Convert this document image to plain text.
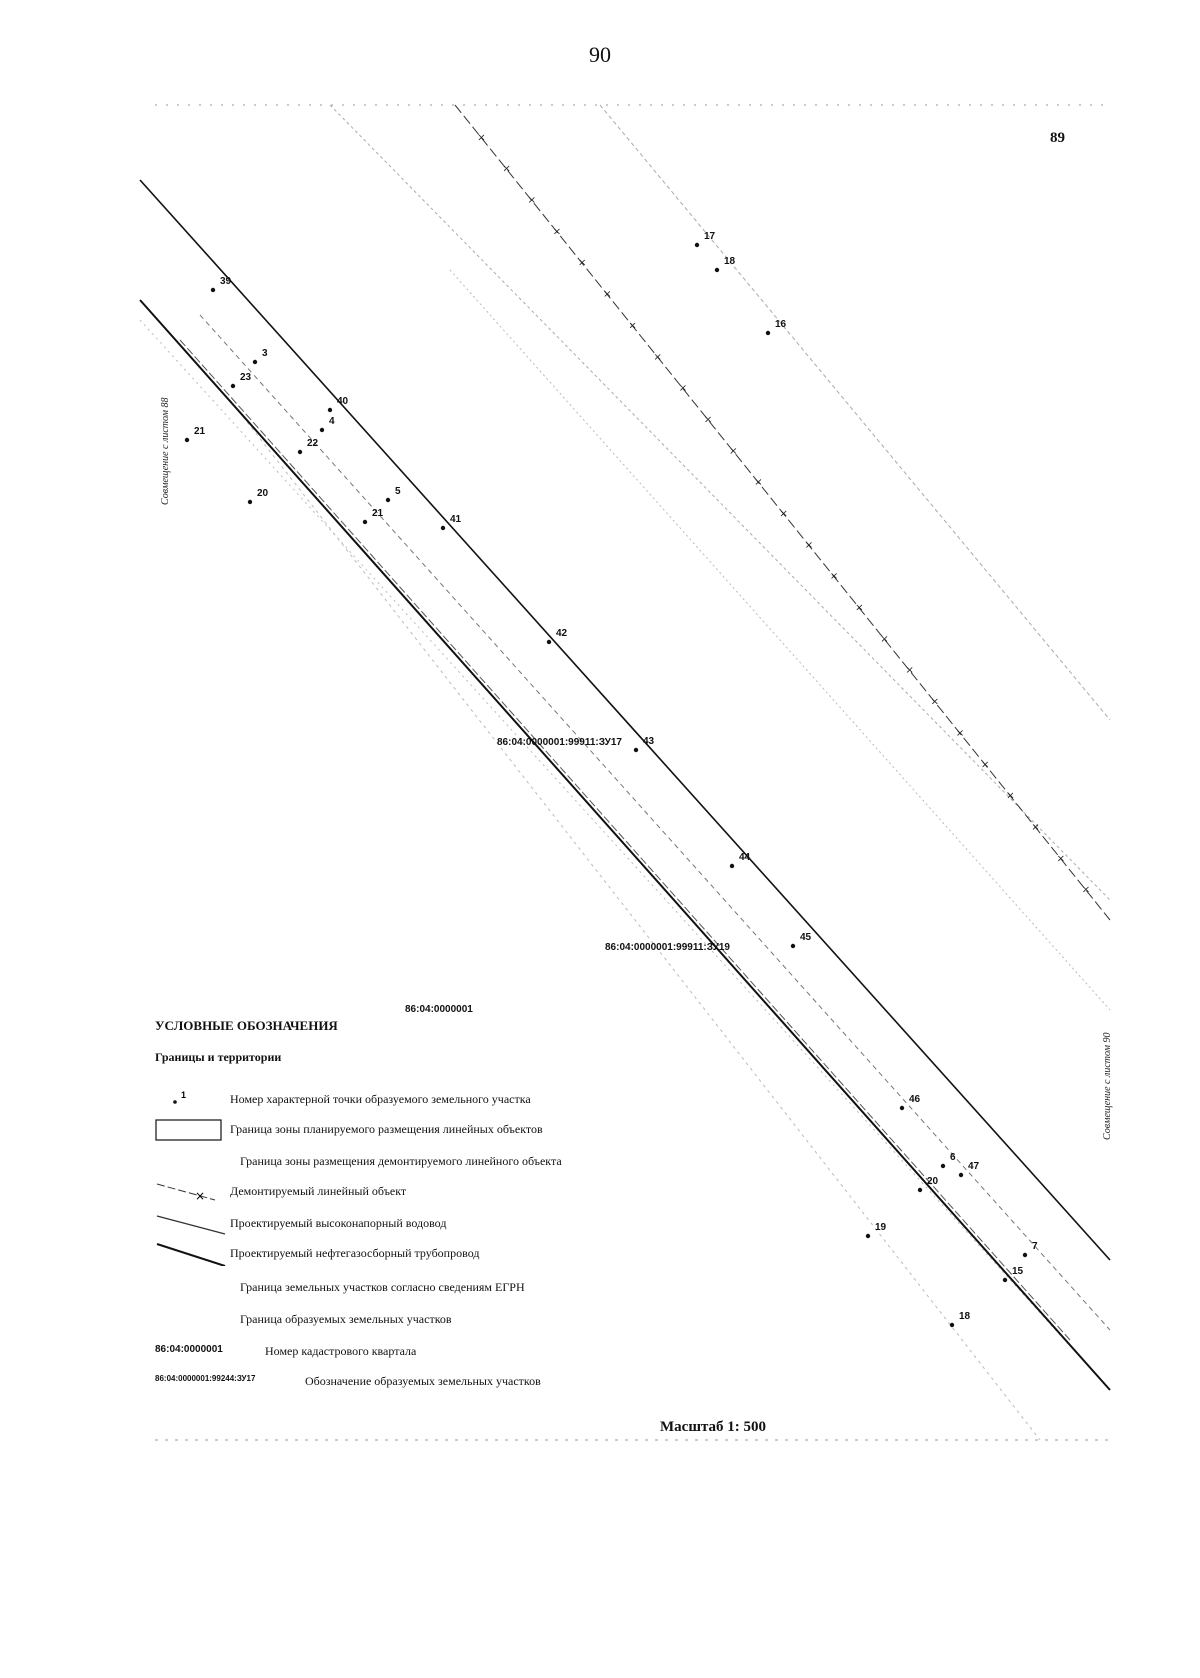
90
89
×
×
×
×
×
×
×
×
×
×
×
×
×
×
×
×
×
×
×
×
×
×
×
×
×
39
3
23
40
4
21
22
20	5
21
41
42
43
44
45
17
18
16
46
6
47
20
19
7
15
18
86:04:0000001:99911:ЗУ17
86:04:0000001:99911:ЗУ19
86:04:0000001
Совмещение с листом 88
Совмещение с листом 90
УСЛОВНЫЕ ОБОЗНАЧЕНИЯ
Границы и территории
1	Номер характерной точки образуемого земельного участка
Граница зоны планируемого размещения линейных объектов
Граница зоны размещения демонтируемого линейного объекта
× Демонтируемый линейный объект
Проектируемый высоконапорный водовод
Проектируемый нефтегазосборный трубопровод
Граница земельных участков согласно сведениям ЕГРН
Граница образуемых земельных участков
86:04:0000001	Номер кадастрового квартала
86:04:0000001:99244:ЗУ17	Обозначение образуемых земельных участков
Масштаб 1: 500
